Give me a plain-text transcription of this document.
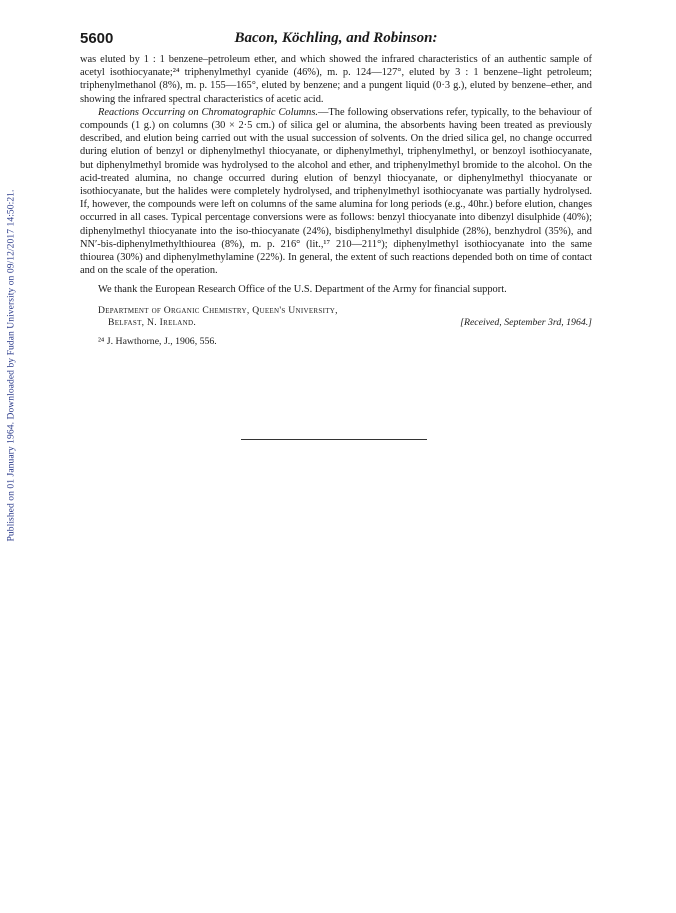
Published on 01 January 1964. Downloaded by Fudan University on 09/12/2017 14:50:21.
5600	Bacon, Köchling, and Robinson:

was eluted by 1 : 1 benzene–petroleum ether, and which showed the infrared characteristics of an authentic sample of acetyl isothiocyanate;²⁴ triphenylmethyl cyanide (46%), m. p. 124—127°, eluted by 3 : 1 benzene–light petroleum; triphenylmethanol (8%), m. p. 155—165°, eluted by benzene; and a pungent liquid (0·3 g.), eluted by benzene–ether, and showing the infrared spectral characteristics of acetic acid.

Reactions Occurring on Chromatographic Columns.—The following observations refer, typically, to the behaviour of compounds (1 g.) on columns (30 × 2·5 cm.) of silica gel or alumina, the absorbents having been treated as previously described, and elution being carried out with the usual succession of solvents. On the dried silica gel, no change occurred during elution of benzyl or diphenylmethyl thiocyanate, or diphenylmethyl, triphenylmethyl, or benzoyl isothiocyanate, but diphenylmethyl bromide was hydrolysed to the alcohol and ether, and triphenylmethyl bromide to the alcohol. On the acid-treated alumina, no change occurred during elution of benzyl thiocyanate, or diphenylmethyl thiocyanate or isothiocyanate, but the halides were completely hydrolysed, and triphenylmethyl isothiocyanate was partially hydrolysed. If, however, the compounds were left on columns of the same alumina for long periods (e.g., 40hr.) before elution, changes occurred in all cases. Typical percentage conversions were as follows: benzyl thiocyanate into dibenzyl disulphide (40%); diphenylmethyl thiocyanate into the iso-thiocyanate (24%), bisdiphenylmethyl disulphide (28%), benzhydrol (35%), and NN′-bis-diphenylmethylthiourea (8%), m. p. 216° (lit.,¹⁷ 210—211°); diphenylmethyl isothiocyanate into the same thiourea (30%) and diphenylmethylamine (22%). In general, the extent of such reactions depended both on time of contact and on the scale of the operation.

We thank the European Research Office of the U.S. Department of the Army for financial support.

Department of Organic Chemistry, Queen's University,
Belfast, N. Ireland.	[Received, September 3rd, 1964.]
²⁴ J. Hawthorne, J., 1906, 556.
